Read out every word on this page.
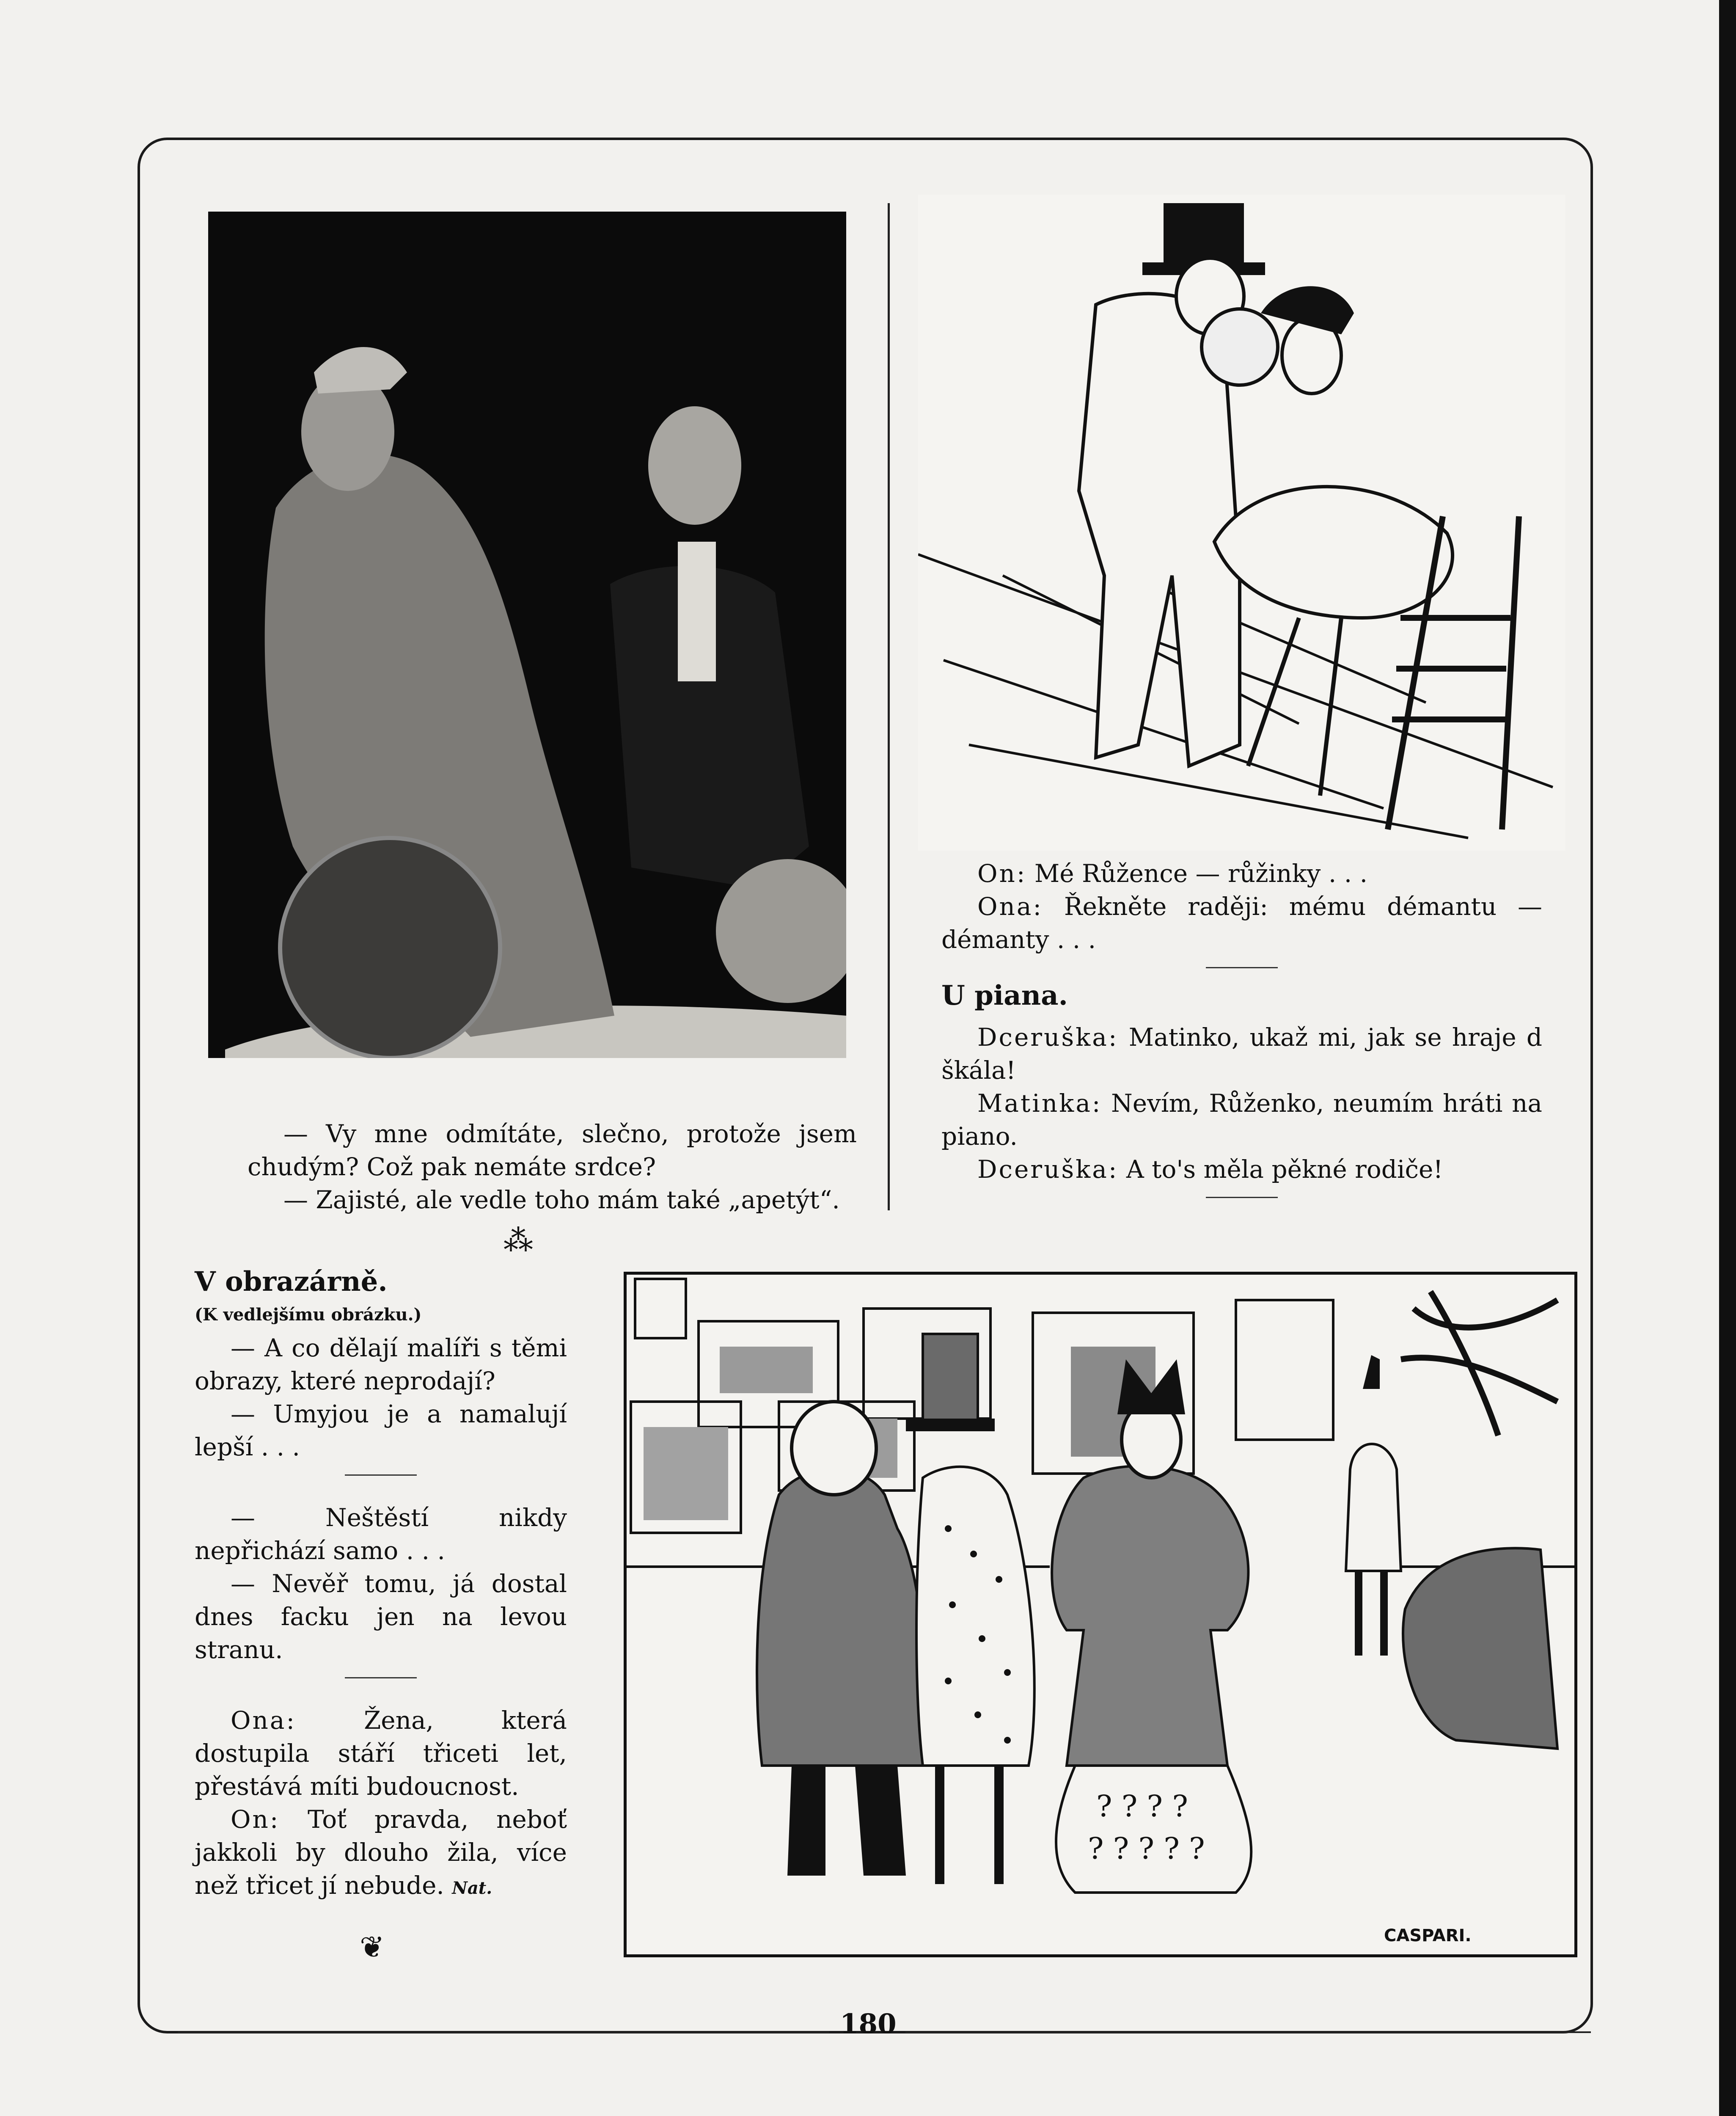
— Vy mne odmítáte, slečno, protože jsem chudým? Což pak nemáte srdce?

— Zajisté, ale vedle toho mám také „apetýt“.

⁂

On: Mé Růžence — růžinky . . .

Ona: Řekněte raději: mému démantu — démanty . . .

U piana.

Dceruška: Matinko, ukaž mi, jak se hraje d škála!

Matinka: Nevím, Růženko, neumím hráti na piano.

Dceruška: A to's měla pěkné rodiče!

V obrazárně.

(K vedlejšímu obrázku.)

— A co dělají malíři s těmi obrazy, které neprodají?

— Umyjou je a namalují lepší . . .

— Neštěstí nikdy nepřichází samo . . .

— Nevěř tomu, já dostal dnes facku jen na levou stranu.

Ona:	Žena, která dostupila stáří třiceti let, přestává míti budoucnost.

On: Toť pravda, neboť jakkoli by dlouho žila, více než třicet jí nebude. Nat.

❦
? ? ? ?
? ? ? ? ?
CASPARI.
180
